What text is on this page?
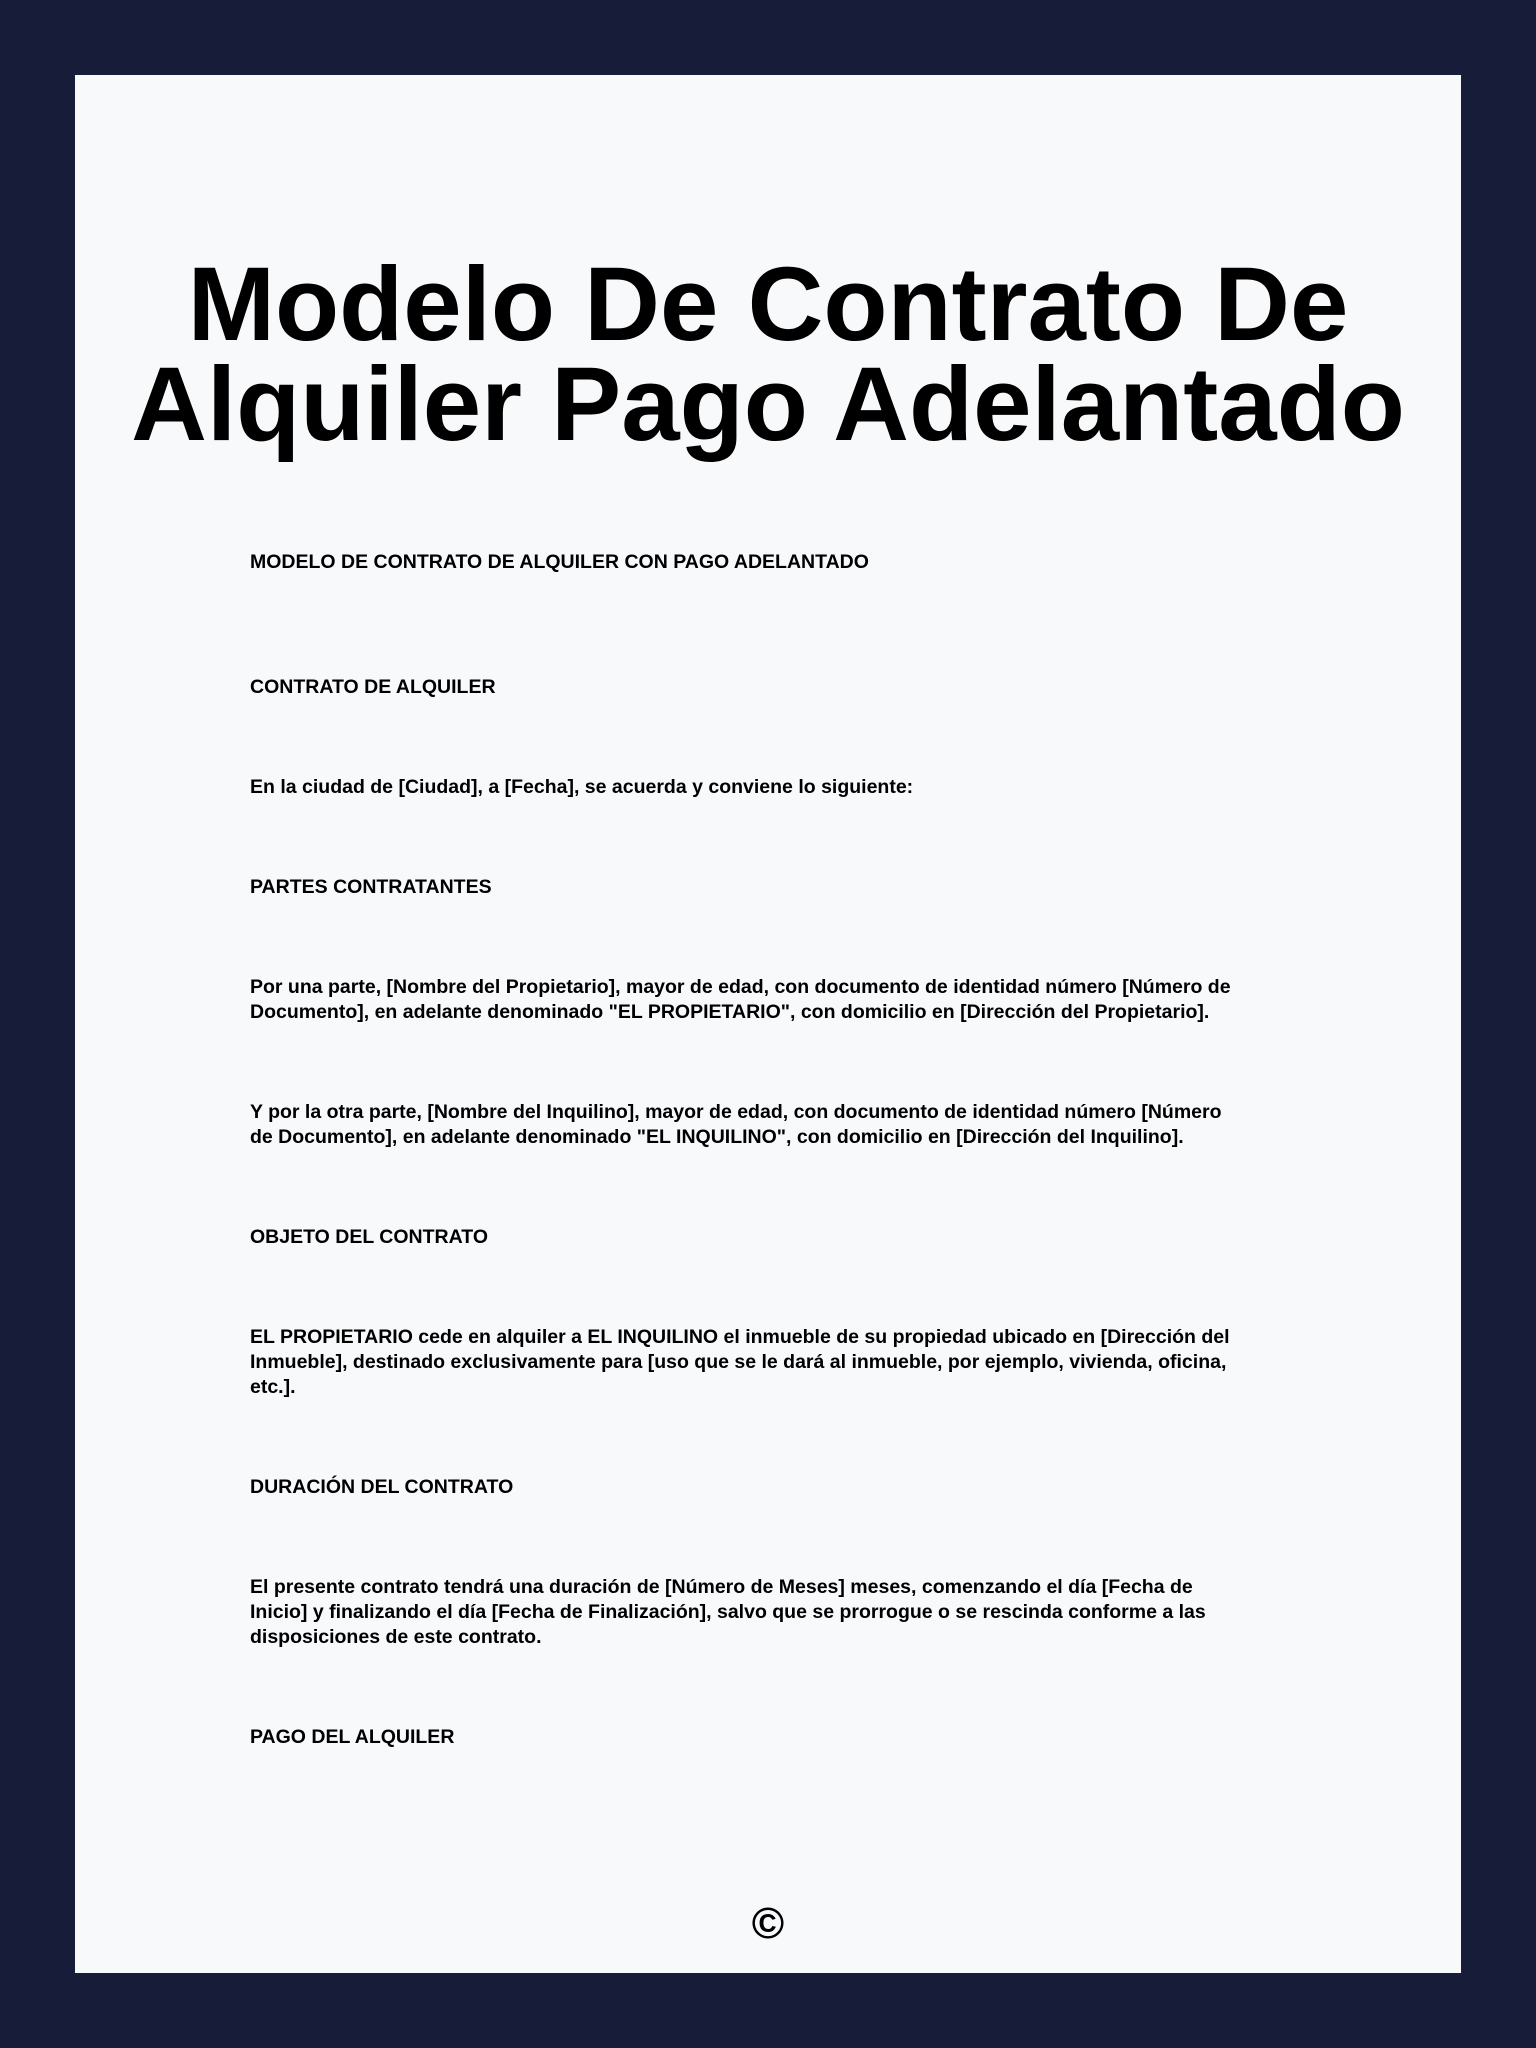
Modelo De Contrato De
Alquiler Pago Adelantado

MODELO DE CONTRATO DE ALQUILER CON PAGO ADELANTADO

CONTRATO DE ALQUILER

En la ciudad de [Ciudad], a [Fecha], se acuerda y conviene lo siguiente:

PARTES CONTRATANTES

Por una parte, [Nombre del Propietario], mayor de edad, con documento de identidad número [Número de

Documento], en adelante denominado "EL PROPIETARIO", con domicilio en [Dirección del Propietario].

Y por la otra parte, [Nombre del Inquilino], mayor de edad, con documento de identidad número [Número

de Documento], en adelante denominado "EL INQUILINO", con domicilio en [Dirección del Inquilino].

OBJETO DEL CONTRATO

EL PROPIETARIO cede en alquiler a EL INQUILINO el inmueble de su propiedad ubicado en [Dirección del

Inmueble], destinado exclusivamente para [uso que se le dará al inmueble, por ejemplo, vivienda, oficina,

etc.].

DURACIÓN DEL CONTRATO

El presente contrato tendrá una duración de [Número de Meses] meses, comenzando el día [Fecha de

Inicio] y finalizando el día [Fecha de Finalización], salvo que se prorrogue o se rescinda conforme a las

disposiciones de este contrato.

PAGO DEL ALQUILER

©
